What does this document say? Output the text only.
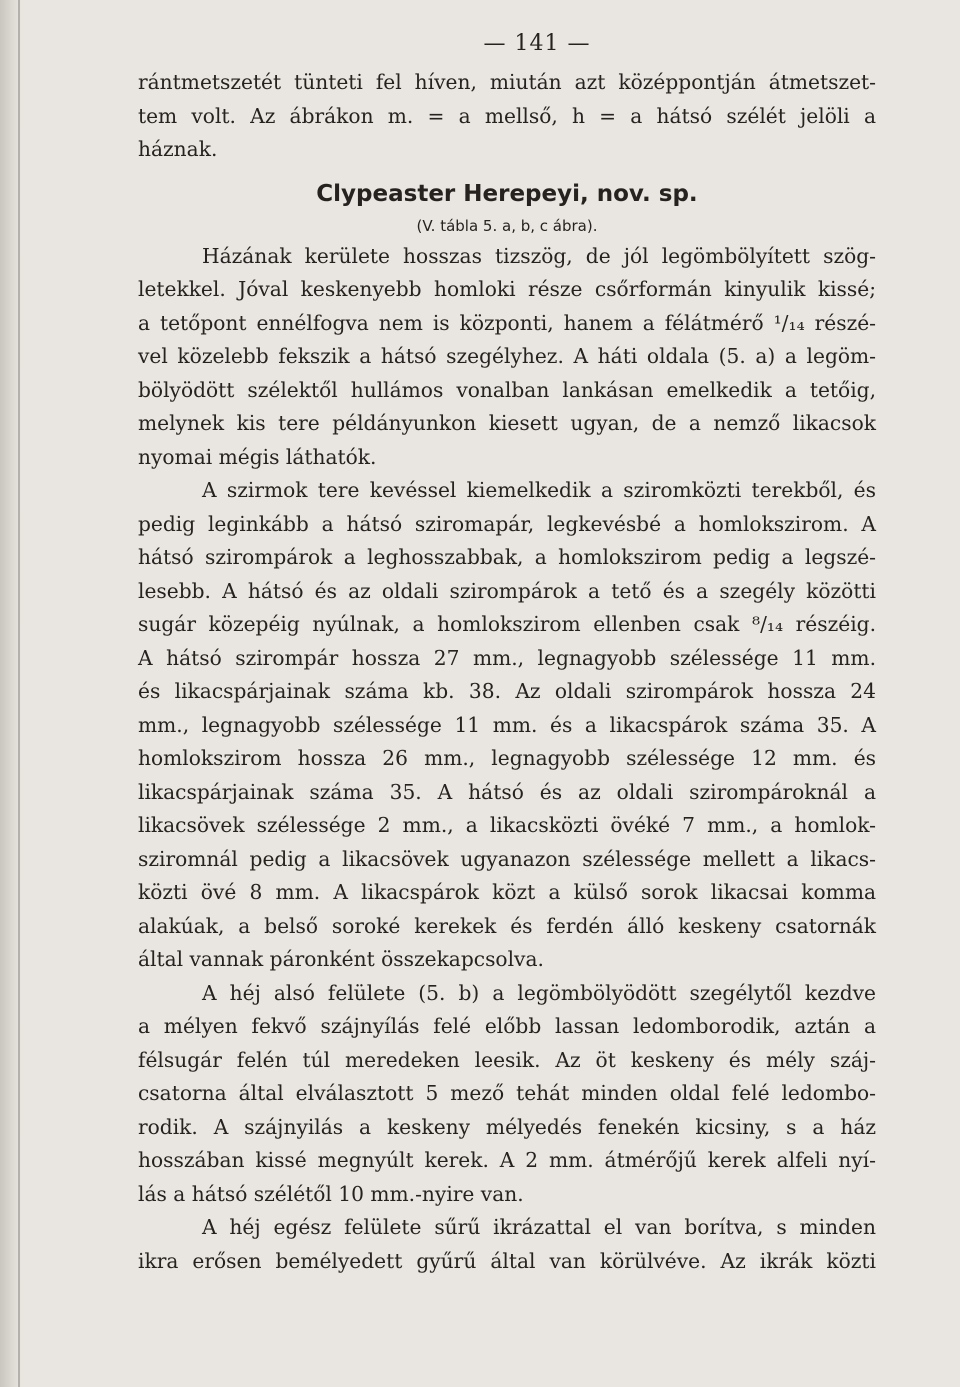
— 141 —

rántmetszetét tünteti fel híven, miután azt középpontján átmetszet-
tem volt. Az ábrákon m. = a mellső, h = a hátsó szélét jelöli a
háznak.

Clypeaster Herepeyi, nov. sp.
(V. tábla 5. a, b, c ábra).

Házának kerülete hosszas tizszög, de jól legömbölyített szög-
letekkel. Jóval keskenyebb homloki része csőrformán kinyulik kissé;
a tetőpont ennélfogva nem is központi, hanem a félátmérő ¹/₁₄ részé-
vel közelebb fekszik a hátsó szegélyhez. A háti oldala (5. a) a legöm-
bölyödött szélektől hullámos vonalban lankásan emelkedik a tetőig,
melynek kis tere példányunkon kiesett ugyan, de a nemző likacsok
nyomai mégis láthatók.

A szirmok tere kevéssel kiemelkedik a sziromközti terekből, és
pedig leginkább a hátsó sziromapár, legkevésbé a homlokszirom. A
hátsó szirompárok a leghosszabbak, a homlokszirom pedig a legszé-
lesebb. A hátsó és az oldali szirompárok a tető és a szegély közötti
sugár közepéig nyúlnak, a homlokszirom ellenben csak ⁸/₁₄ részéig.
A hátsó szirompár hossza 27 mm., legnagyobb szélessége 11 mm.
és likacspárjainak száma kb. 38. Az oldali szirompárok hossza 24
mm., legnagyobb szélessége 11 mm. és a likacspárok száma 35. A
homlokszirom hossza 26 mm., legnagyobb szélessége 12 mm. és
likacspárjainak száma 35. A hátsó és az oldali szirompároknál a
likacsövek szélessége 2 mm., a likacsközti övéké 7 mm., a homlok-
sziromnál pedig a likacsövek ugyanazon szélessége mellett a likacs-
közti övé 8 mm. A likacspárok közt a külső sorok likacsai komma
alakúak, a belső soroké kerekek és ferdén álló keskeny csatornák
által vannak páronként összekapcsolva.

A héj alsó felülete (5. b) a legömbölyödött szegélytől kezdve
a mélyen fekvő szájnyílás felé előbb lassan ledomborodik, aztán a
félsugár felén túl meredeken leesik. Az öt keskeny és mély száj-
csatorna által elválasztott 5 mező tehát minden oldal felé ledombo-
rodik. A szájnyilás a keskeny mélyedés fenekén kicsiny, s a ház
hosszában kissé megnyúlt kerek. A 2 mm. átmérőjű kerek alfeli nyí-
lás a hátsó szélétől 10 mm.-nyire van.

A héj egész felülete sűrű ikrázattal el van borítva, s minden
ikra erősen bemélyedett gyűrű által van körülvéve. Az ikrák közti
